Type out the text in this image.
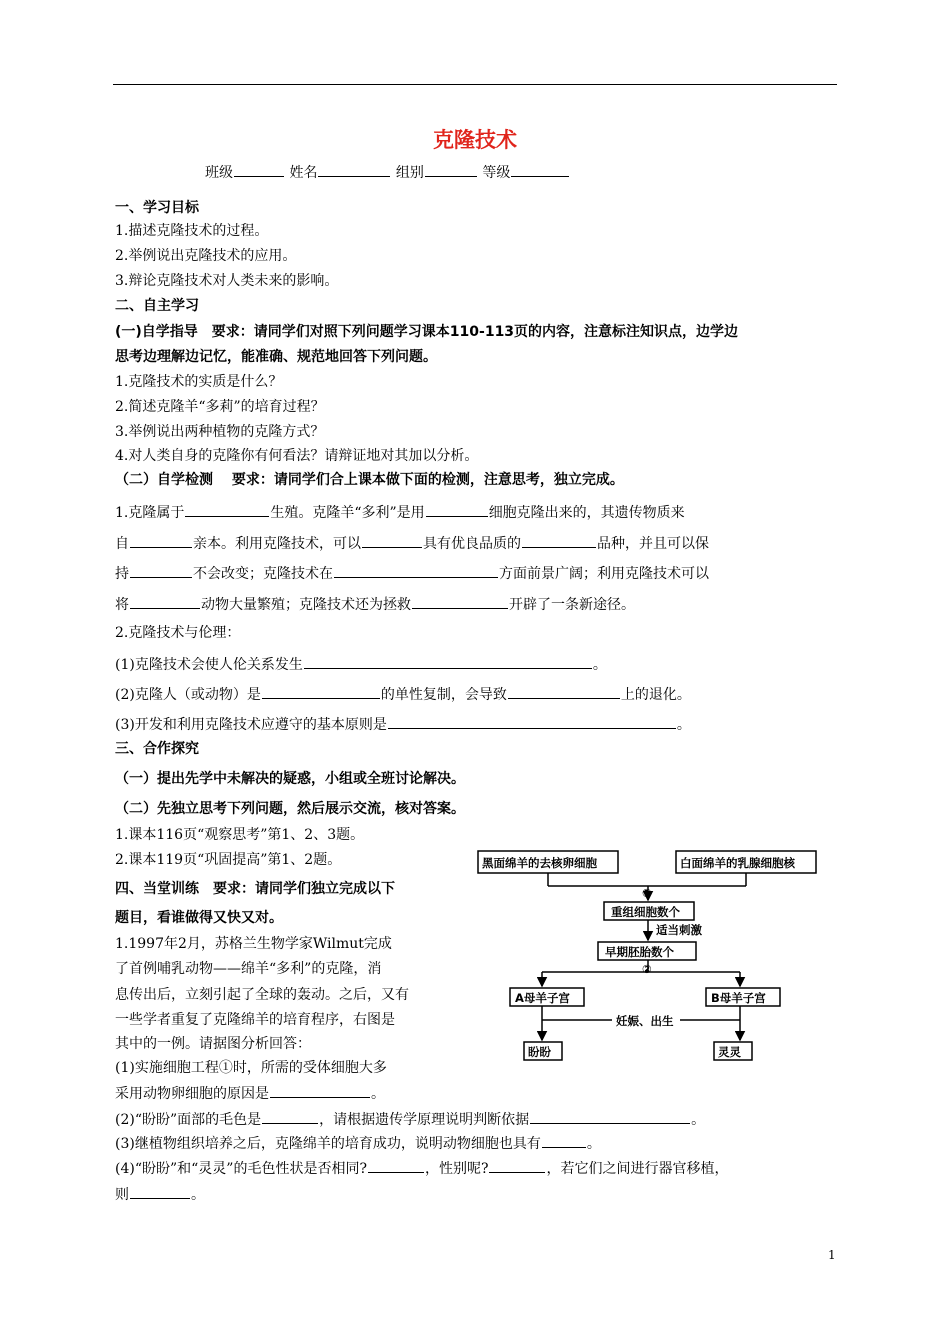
克隆技术
班级	姓名	组别	等级
一、学习目标
1.描述克隆技术的过程。
2.举例说出克隆技术的应用。
3.辩论克隆技术对人类未来的影响。
二、自主学习
(一)自学指导　要求：请同学们对照下列问题学习课本110-113页的内容，注意标注知识点，边学边
思考边理解边记忆，能准确、规范地回答下列问题。
1.克隆技术的实质是什么？
2.简述克隆羊“多莉”的培育过程？
3.举例说出两种植物的克隆方式？
4.对人类自身的克隆你有何看法？请辩证地对其加以分析。
（二）自学检测　 要求：请同学们合上课本做下面的检测，注意思考，独立完成。
1.克隆属于	生殖。克隆羊“多利”是用	细胞克隆出来的，其遗传物质来
自	亲本。利用克隆技术，可以	具有优良品质的	品种，并且可以保
持	不会改变；克隆技术在	方面前景广阔；利用克隆技术可以
将	动物大量繁殖；克隆技术还为拯救	开辟了一条新途径。
2.克隆技术与伦理：
(1)克隆技术会使人伦关系发生	。
(2)克隆人（或动物）是	的单性复制，会导致	上的退化。
(3)开发和利用克隆技术应遵守的基本原则是	。
三、合作探究
（一）提出先学中未解决的疑惑，小组或全班讨论解决。
（二）先独立思考下列问题，然后展示交流，核对答案。
1.课本116页“观察思考”第1、2、3题。
2.课本119页“巩固提高”第1、2题。
四、当堂训练　要求：请同学们独立完成以下
题目，看谁做得又快又对。
1.1997年2月，苏格兰生物学家Wilmut完成
了首例哺乳动物——绵羊“多利”的克隆，消
息传出后，立刻引起了全球的轰动。之后，又有
一些学者重复了克隆绵羊的培育程序，右图是
其中的一例。请据图分析回答：
(1)实施细胞工程①时，所需的受体细胞大多
采用动物卵细胞的原因是	。
(2)“盼盼”面部的毛色是	，请根据遗传学原理说明判断依据	。
(3)继植物组织培养之后，克隆绵羊的培育成功，说明动物细胞也具有	。
(4)“盼盼”和“灵灵”的毛色性状是否相同?	，性别呢?	，若它们之间进行器官移植，
则	。
黑面绵羊的去核卵细胞	白面绵羊的乳腺细胞核
①
重组细胞数个
适当刺激
早期胚胎数个
②
A母羊子宫	B母羊子宫
妊娠、出生
盼盼	灵灵
1
